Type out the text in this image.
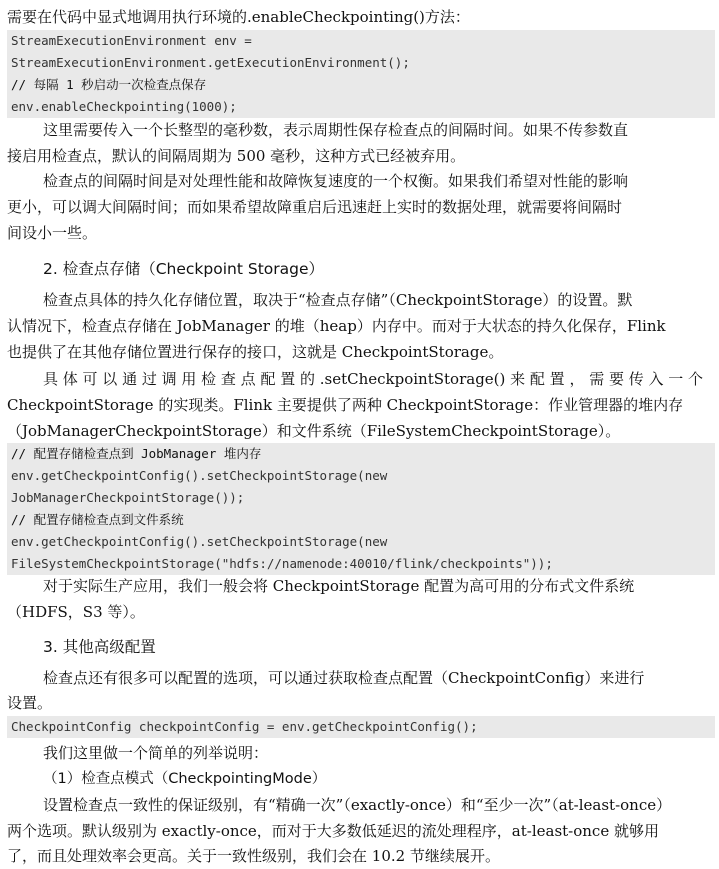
需要在代码中显式地调用执行环境的.enableCheckpointing()方法：
StreamExecutionEnvironment env =
StreamExecutionEnvironment.getExecutionEnvironment();
// 每隔 1 秒启动一次检查点保存
env.enableCheckpointing(1000);
这里需要传入一个长整型的毫秒数，表示周期性保存检查点的间隔时间。如果不传参数直
接启用检查点，默认的间隔周期为 500 毫秒，这种方式已经被弃用。
检查点的间隔时间是对处理性能和故障恢复速度的一个权衡。如果我们希望对性能的影响
更小，可以调大间隔时间；而如果希望故障重启后迅速赶上实时的数据处理，就需要将间隔时
间设小一些。
2. 检查点存储（Checkpoint Storage）
检查点具体的持久化存储位置，取决于“检查点存储”（CheckpointStorage）的设置。默
认情况下，检查点存储在 JobManager 的堆（heap）内存中。而对于大状态的持久化保存，Flink
也提供了在其他存储位置进行保存的接口，这就是 CheckpointStorage。
具 体 可 以 通 过 调 用 检 查 点 配 置 的 .setCheckpointStorage() 来 配 置 ， 需 要 传 入 一 个
CheckpointStorage 的实现类。Flink 主要提供了两种 CheckpointStorage：作业管理器的堆内存
（JobManagerCheckpointStorage）和文件系统（FileSystemCheckpointStorage）。
// 配置存储检查点到 JobManager 堆内存
env.getCheckpointConfig().setCheckpointStorage(new
JobManagerCheckpointStorage());
// 配置存储检查点到文件系统
env.getCheckpointConfig().setCheckpointStorage(new
FileSystemCheckpointStorage("hdfs://namenode:40010/flink/checkpoints"));
对于实际生产应用，我们一般会将 CheckpointStorage 配置为高可用的分布式文件系统
（HDFS，S3 等）。
3. 其他高级配置
检查点还有很多可以配置的选项，可以通过获取检查点配置（CheckpointConfig）来进行
设置。
CheckpointConfig checkpointConfig = env.getCheckpointConfig();
我们这里做一个简单的列举说明：
（1）检查点模式（CheckpointingMode）
设置检查点一致性的保证级别，有“精确一次”（exactly-once）和“至少一次”（at-least-once）
两个选项。默认级别为 exactly-once，而对于大多数低延迟的流处理程序，at-least-once 就够用
了，而且处理效率会更高。关于一致性级别，我们会在 10.2 节继续展开。
